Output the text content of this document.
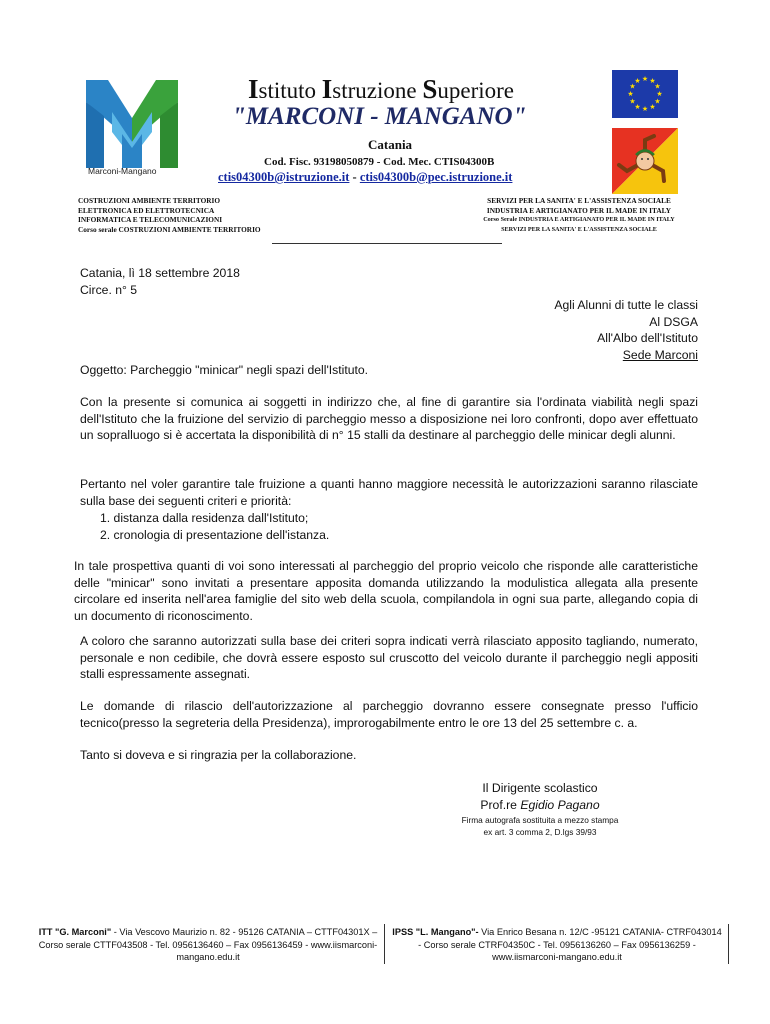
Marconi-Mangano
Istituto Istruzione Superiore
"MARCONI - MANGANO"
Catania
Cod. Fisc. 93198050879 - Cod. Mec. CTIS04300B
ctis04300b@istruzione.it - ctis04300b@pec.istruzione.it
COSTRUZIONI AMBIENTE TERRITORIO
ELETTRONICA ED ELETTROTECNICA
INFORMATICA E TELECOMUNICAZIONI
Corso serale COSTRUZIONI AMBIENTE TERRITORIO
SERVIZI PER LA SANITA' E L'ASSISTENZA SOCIALE
INDUSTRIA E ARTIGIANATO PER IL MADE IN ITALY
Corso Serale INDUSTRIA E ARTIGIANATO PER IL MADE IN ITALY
SERVIZI PER LA SANITA' E L'ASSISTENZA SOCIALE
★ ★
★
★
★
★
★
★
★
★
★
★
Catania, lì 18 settembre 2018
Circe. n° 5
Agli Alunni di tutte le classi
Al DSGA
All'Albo dell'Istituto
Sede Marconi
Oggetto: Parcheggio "minicar" negli spazi dell'Istituto.
Con la presente si comunica ai soggetti in indirizzo che, al fine di garantire sia l'ordinata viabilità negli spazi dell'Istituto che la fruizione del servizio di parcheggio messo a disposizione nei loro confronti, dopo aver effettuato un sopralluogo si è accertata la disponibilità di n° 15 stalli da destinare al parcheggio delle minicar degli alunni.
Pertanto nel voler garantire tale fruizione a quanti hanno maggiore necessità le autorizzazioni saranno rilasciate sulla base dei seguenti criteri e priorità:
1. distanza dalla residenza dall'Istituto;
2. cronologia di presentazione dell'istanza.
In tale prospettiva quanti di voi sono interessati al parcheggio del proprio veicolo che risponde alle caratteristiche delle "minicar" sono invitati a presentare apposita domanda utilizzando la modulistica allegata alla presente circolare ed inserita nell'area famiglie del sito web della scuola, compilandola in ogni sua parte, allegando copia di un documento di riconoscimento.
A coloro che saranno autorizzati sulla base dei criteri sopra indicati verrà rilasciato apposito tagliando, numerato, personale e non cedibile, che dovrà essere esposto sul cruscotto del veicolo durante il parcheggio negli appositi stalli espressamente assegnati.
Le domande di rilascio dell'autorizzazione al parcheggio dovranno essere consegnate presso l'ufficio tecnico(presso la segreteria della Presidenza), improrogabilmente entro le ore 13 del 25 settembre c. a.
Tanto si doveva e si ringrazia per la collaborazione.
Il Dirigente scolastico
Prof.re Egidio Pagano
Firma autografa sostituita a mezzo stampa
ex art. 3 comma 2, D.lgs 39/93
ITT "G. Marconi" - Via Vescovo Maurizio n. 82 - 95126 CATANIA – CTTF04301X – Corso serale CTTF043508 - Tel. 0956136460 – Fax 0956136459 - www.iismarconi-mangano.edu.it
IPSS "L. Mangano"- Via Enrico Besana n. 12/C -95121 CATANIA- CTRF043014 - Corso serale CTRF04350C - Tel. 0956136260 – Fax 0956136259 - www.iismarconi-mangano.edu.it
